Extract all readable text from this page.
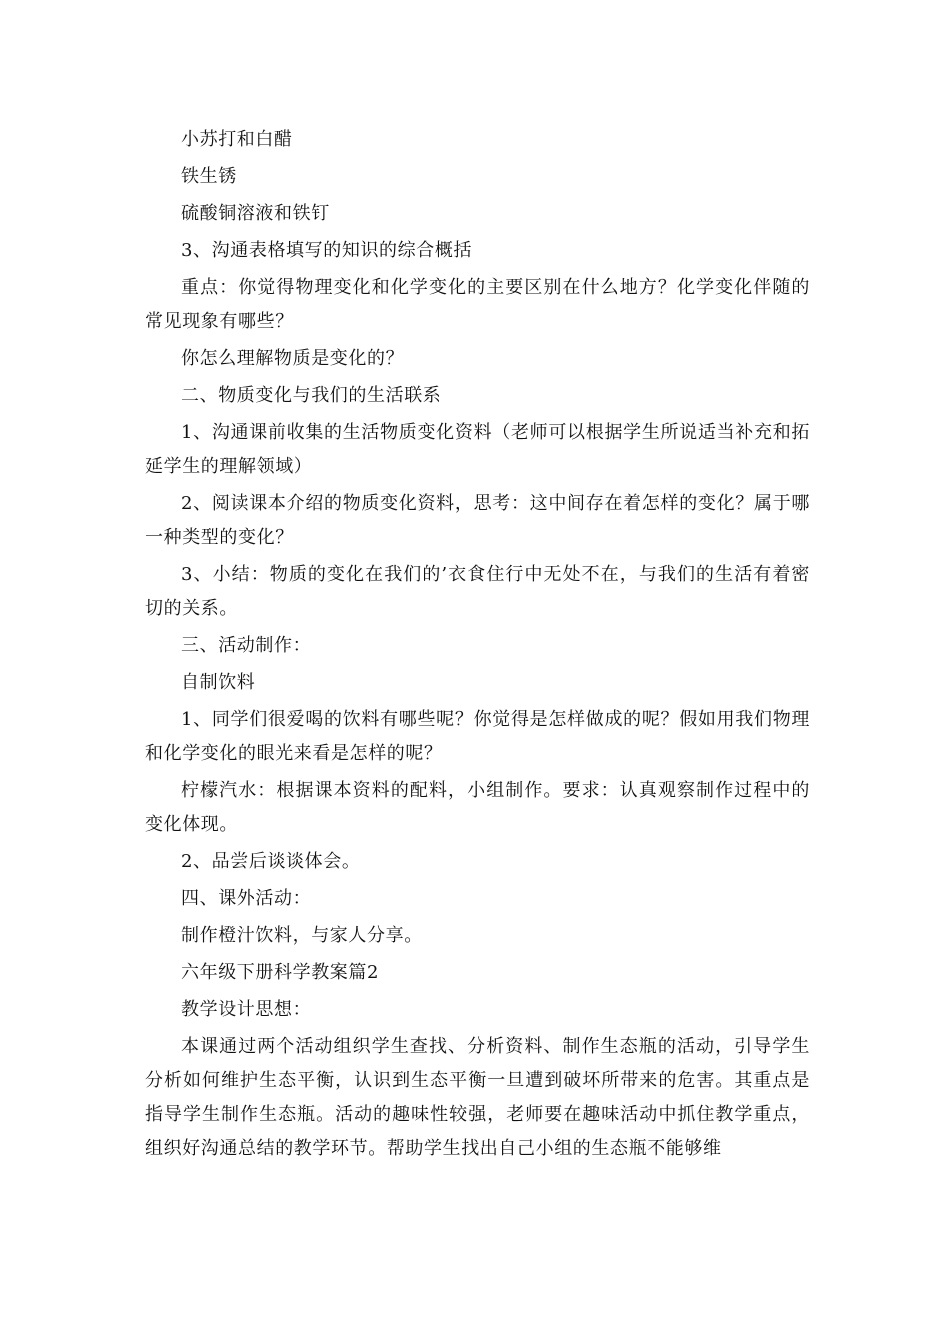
小苏打和白醋

铁生锈

硫酸铜溶液和铁钉

3、沟通表格填写的知识的综合概括

重点：你觉得物理变化和化学变化的主要区别在什么地方？化学变化伴随的常见现象有哪些？

你怎么理解物质是变化的？

二、物质变化与我们的生活联系

1、沟通课前收集的生活物质变化资料（老师可以根据学生所说适当补充和拓延学生的理解领域）

2、阅读课本介绍的物质变化资料，思考：这中间存在着怎样的变化？属于哪一种类型的变化？

3、小结：物质的变化在我们的’衣食住行中无处不在，与我们的生活有着密切的关系。

三、活动制作：

自制饮料

1、同学们很爱喝的饮料有哪些呢？你觉得是怎样做成的呢？假如用我们物理和化学变化的眼光来看是怎样的呢？

柠檬汽水：根据课本资料的配料，小组制作。要求：认真观察制作过程中的变化体现。

2、品尝后谈谈体会。

四、课外活动：

制作橙汁饮料，与家人分享。

六年级下册科学教案篇2

教学设计思想：

本课通过两个活动组织学生查找、分析资料、制作生态瓶的活动，引导学生分析如何维护生态平衡，认识到生态平衡一旦遭到破坏所带来的危害。其重点是指导学生制作生态瓶。活动的趣味性较强，老师要在趣味活动中抓住教学重点，组织好沟通总结的教学环节。帮助学生找出自己小组的生态瓶不能够维
